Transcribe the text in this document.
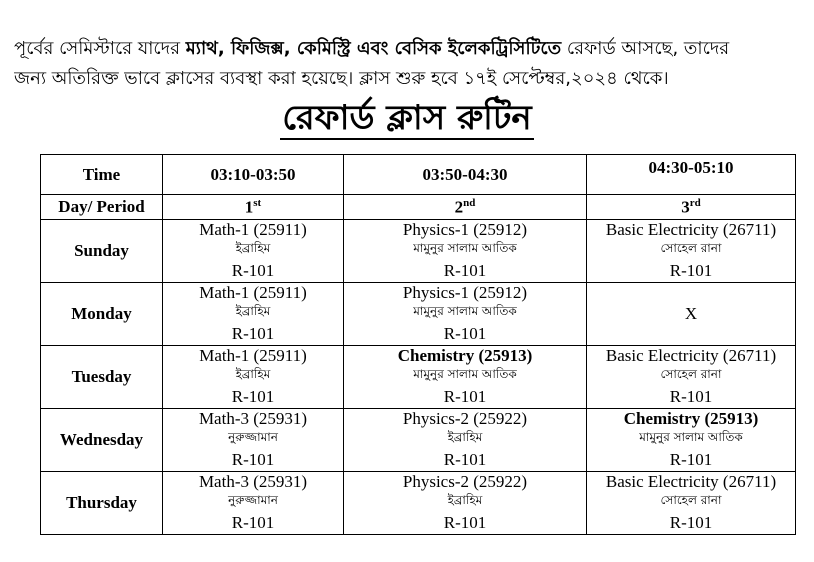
পূর্বের সেমিস্টারে যাদের ম্যাথ, ফিজিক্স, কেমিস্ট্রি এবং বেসিক ইলেকট্রিসিটিতে রেফার্ড আসছে, তাদের
জন্য অতিরিক্ত ভাবে ক্লাসের ব্যবস্থা করা হয়েছে। ক্লাস শুরু হবে ১৭ই সেপ্টেম্বর,২০২৪ থেকে।
রেফার্ড ক্লাস রুটিন
Time	03:10-03:50	03:50-04:30	04:30-05:10
Day/ Period	1st	2nd	3rd
Sunday	Math-1 (25911)
ইব্রাহিম
R-101	Physics-1 (25912)
মামুনুর সালাম আতিক
R-101	Basic Electricity (26711)
সোহেল রানা
R-101

Monday	Math-1 (25911)
ইব্রাহিম
R-101	Physics-1 (25912)
মামুনুর সালাম আতিক
R-101	X
Tuesday	Math-1 (25911)
ইব্রাহিম
R-101	Chemistry (25913)
মামুনুর সালাম আতিক
R-101	Basic Electricity (26711)
সোহেল রানা
R-101

Wednesday	Math-3 (25931)
নুরুজ্জামান
R-101	Physics-2 (25922)
ইব্রাহিম
R-101	Chemistry (25913)
মামুনুর সালাম আতিক
R-101

Thursday	Math-3 (25931)
নুরুজ্জামান
R-101	Physics-2 (25922)
ইব্রাহিম
R-101	Basic Electricity (26711)
সোহেল রানা
R-101
